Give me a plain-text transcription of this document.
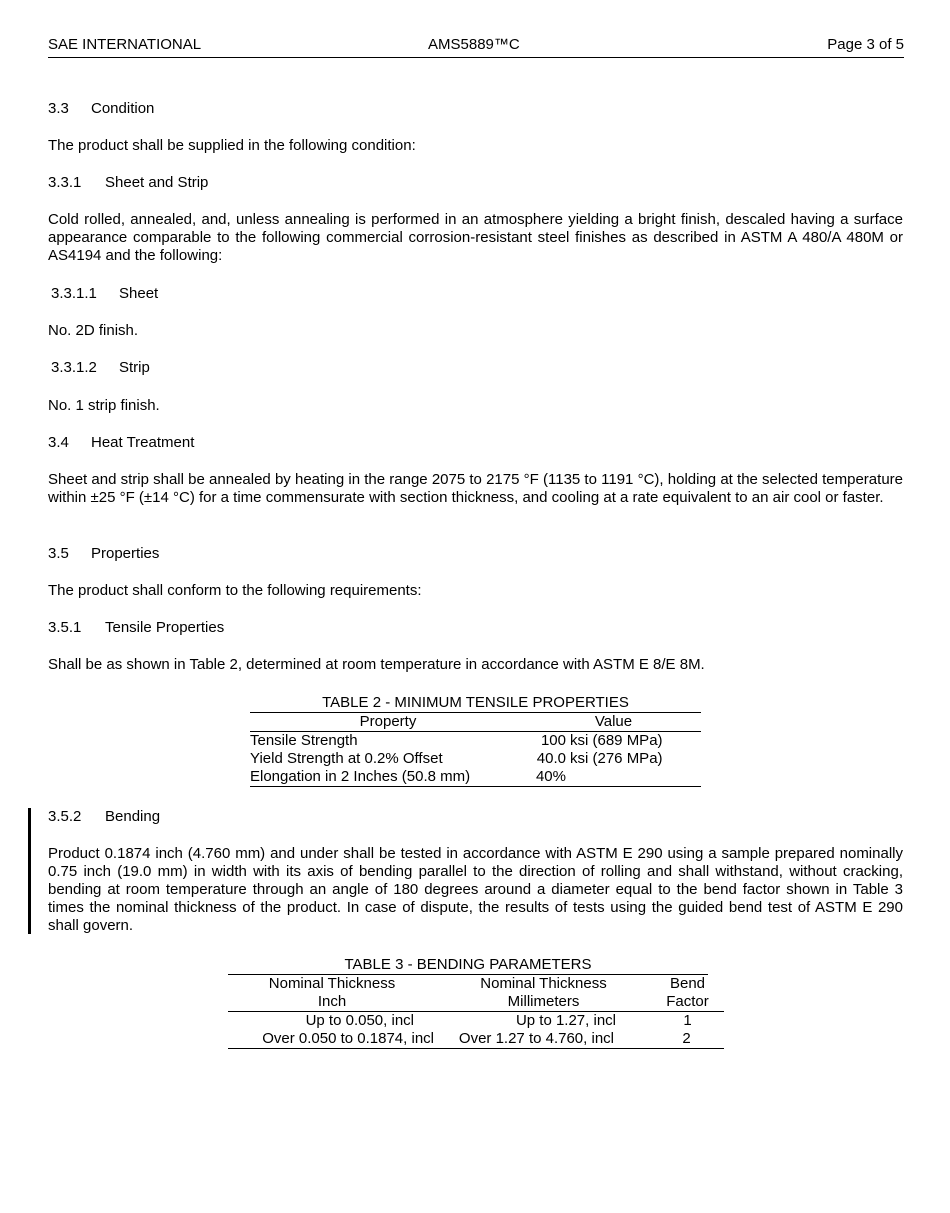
SAE INTERNATIONAL	AMS5889™C	Page 3 of 5
3.3 Condition
The product shall be supplied in the following condition:
3.3.1 Sheet and Strip
Cold rolled, annealed, and, unless annealing is performed in an atmosphere yielding a bright finish, descaled having a surface appearance comparable to the following commercial corrosion-resistant steel finishes as described in ASTM A 480/A 480M or AS4194 and the following:
3.3.1.1 Sheet
No. 2D finish.
3.3.1.2 Strip
No. 1 strip finish.
3.4 Heat Treatment
Sheet and strip shall be annealed by heating in the range 2075 to 2175 °F (1135 to 1191 °C), holding at the selected temperature within ±25 °F (±14 °C) for a time commensurate with section thickness, and cooling at a rate equivalent to an air cool or faster.
3.5 Properties
The product shall conform to the following requirements:
3.5.1 Tensile Properties
Shall be as shown in Table 2, determined at room temperature in accordance with ASTM E 8/E 8M.
TABLE 2 - MINIMUM TENSILE PROPERTIES
Property	Value
Tensile Strength	100 ksi (689 MPa)
Yield Strength at 0.2% Offset	40.0 ksi (276 MPa)
Elongation in 2 Inches (50.8 mm)	40%
3.5.2 Bending
Product 0.1874 inch (4.760 mm) and under shall be tested in accordance with ASTM E 290 using a sample prepared nominally 0.75 inch (19.0 mm) in width with its axis of bending parallel to the direction of rolling and shall withstand, without cracking, bending at room temperature through an angle of 180 degrees around a diameter equal to the bend factor shown in Table 3 times the nominal thickness of the product. In case of dispute, the results of tests using the guided bend test of ASTM E 290 shall govern.
TABLE 3 - BENDING PARAMETERS
Nominal Thickness	Nominal Thickness	Bend
Inch	Millimeters	Factor
Up to 0.050, incl	Up to 1.27, incl	1
Over 0.050 to 0.1874, incl	Over 1.27 to 4.760, incl	2
